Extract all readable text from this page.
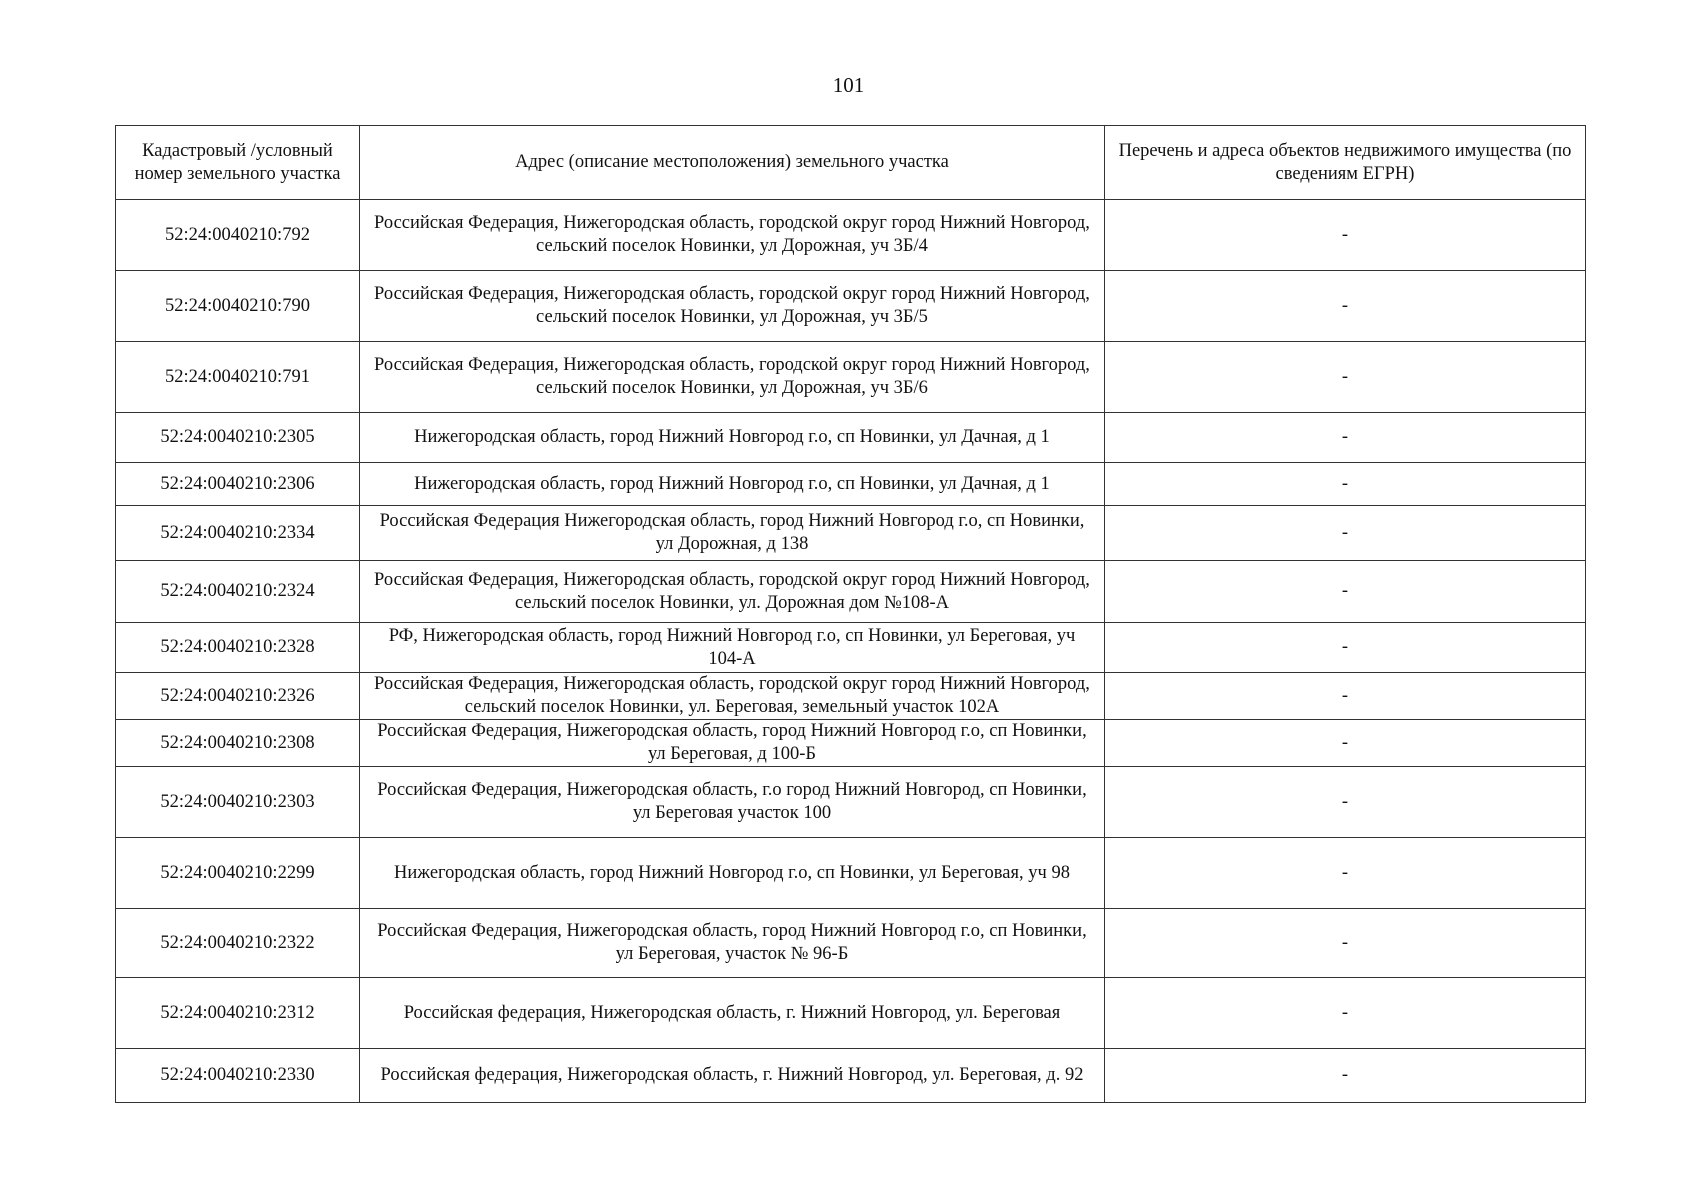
101
Кадастровый /условный номер земельного участка	Адрес (описание местоположения) земельного участка	Перечень и адреса объектов недвижимого имущества (по сведениям ЕГРН)
52:24:0040210:792	Российская Федерация, Нижегородская область, городской округ город Нижний Новгород, сельский поселок Новинки, ул Дорожная, уч 3Б/4	-
52:24:0040210:790	Российская Федерация, Нижегородская область, городской округ город Нижний Новгород, сельский поселок Новинки, ул Дорожная, уч 3Б/5	-
52:24:0040210:791	Российская Федерация, Нижегородская область, городской округ город Нижний Новгород, сельский поселок Новинки, ул Дорожная, уч 3Б/6	-
52:24:0040210:2305	Нижегородская область, город Нижний Новгород г.о, сп Новинки, ул Дачная, д 1	-
52:24:0040210:2306	Нижегородская область, город Нижний Новгород г.о, сп Новинки, ул Дачная, д 1	-
52:24:0040210:2334	Российская Федерация Нижегородская область, город Нижний Новгород г.о, сп Новинки, ул Дорожная, д 138	-
52:24:0040210:2324	Российская Федерация, Нижегородская область, городской округ город Нижний Новгород, сельский поселок Новинки, ул. Дорожная дом №108-А	-
52:24:0040210:2328	РФ, Нижегородская область, город Нижний Новгород г.о, сп Новинки, ул Береговая, уч 104-А	-
52:24:0040210:2326	Российская Федерация, Нижегородская область, городской округ город Нижний Новгород, сельский поселок Новинки, ул. Береговая, земельный участок 102А	-
52:24:0040210:2308	Российская Федерация, Нижегородская область, город Нижний Новгород г.о, сп Новинки, ул Береговая, д 100-Б	-
52:24:0040210:2303	Российская Федерация, Нижегородская область, г.о город Нижний Новгород, сп Новинки, ул Береговая участок 100	-
52:24:0040210:2299	Нижегородская область, город Нижний Новгород г.о, сп Новинки, ул Береговая, уч 98	-
52:24:0040210:2322	Российская Федерация, Нижегородская область, город Нижний Новгород г.о, сп Новинки, ул Береговая, участок № 96-Б	-
52:24:0040210:2312	Российская федерация, Нижегородская область, г. Нижний Новгород, ул. Береговая	-
52:24:0040210:2330	Российская федерация, Нижегородская область, г. Нижний Новгород, ул. Береговая, д. 92	-
